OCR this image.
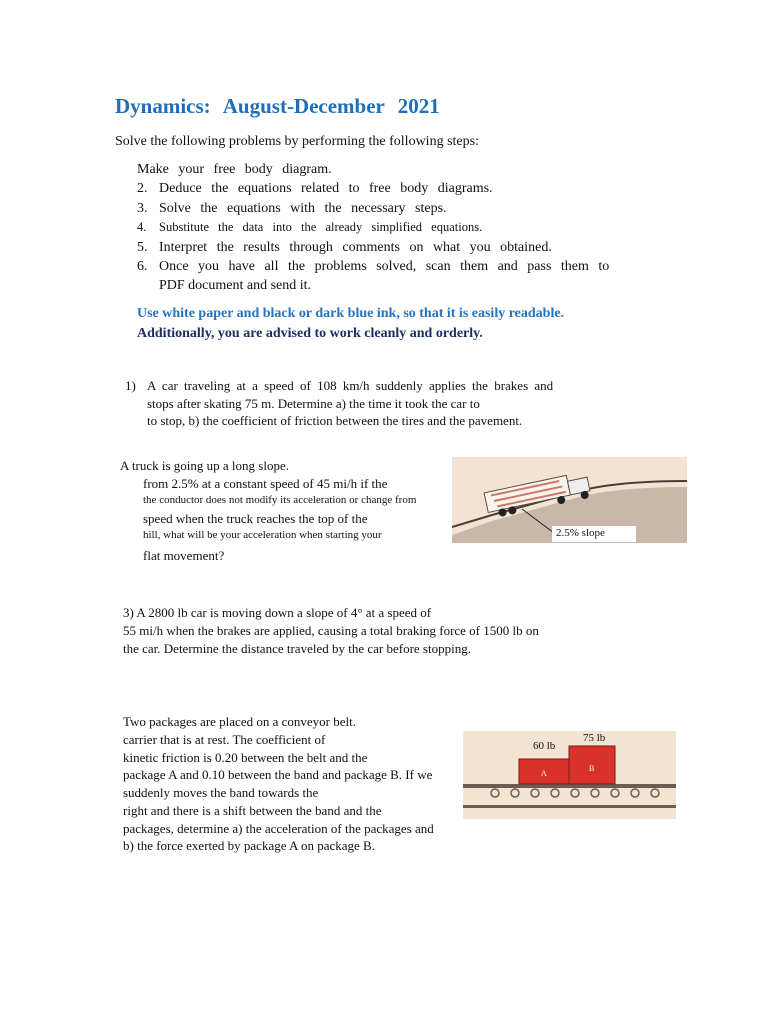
Dynamics: August-December 2021
Solve the following problems by performing the following steps:
Make your free body diagram.
2. Deduce the equations related to free body diagrams.
3. Solve the equations with the necessary steps.
4. Substitute the data into the already simplified equations.
5. Interpret the results through comments on what you obtained.
6. Once you have all the problems solved, scan them and pass them to
PDF document and send it.
Use white paper and black or dark blue ink, so that it is easily readable.
Additionally, you are advised to work cleanly and orderly.
1) A car traveling at a speed of 108 km/h suddenly applies the brakes and
stops after skating 75 m. Determine a) the time it took the car to
to stop, b) the coefficient of friction between the tires and the pavement.
A truck is going up a long slope.
from 2.5% at a constant speed of 45 mi/h if the
the conductor does not modify its acceleration or change from
speed when the truck reaches the top of the
hill, what will be your acceleration when starting your
flat movement?
2.5% slope
3) A 2800 lb car is moving down a slope of 4° at a speed of
55 mi/h when the brakes are applied, causing a total braking force of 1500 lb on
the car. Determine the distance traveled by the car before stopping.
Two packages are placed on a conveyor belt.
carrier that is at rest. The coefficient of
kinetic friction is 0.20 between the belt and the
package A and 0.10 between the band and package B. If we
suddenly moves the band towards the
right and there is a shift between the band and the
packages, determine a) the acceleration of the packages and
b) the force exerted by package A on package B.
60 lb
75 lb
A
B
